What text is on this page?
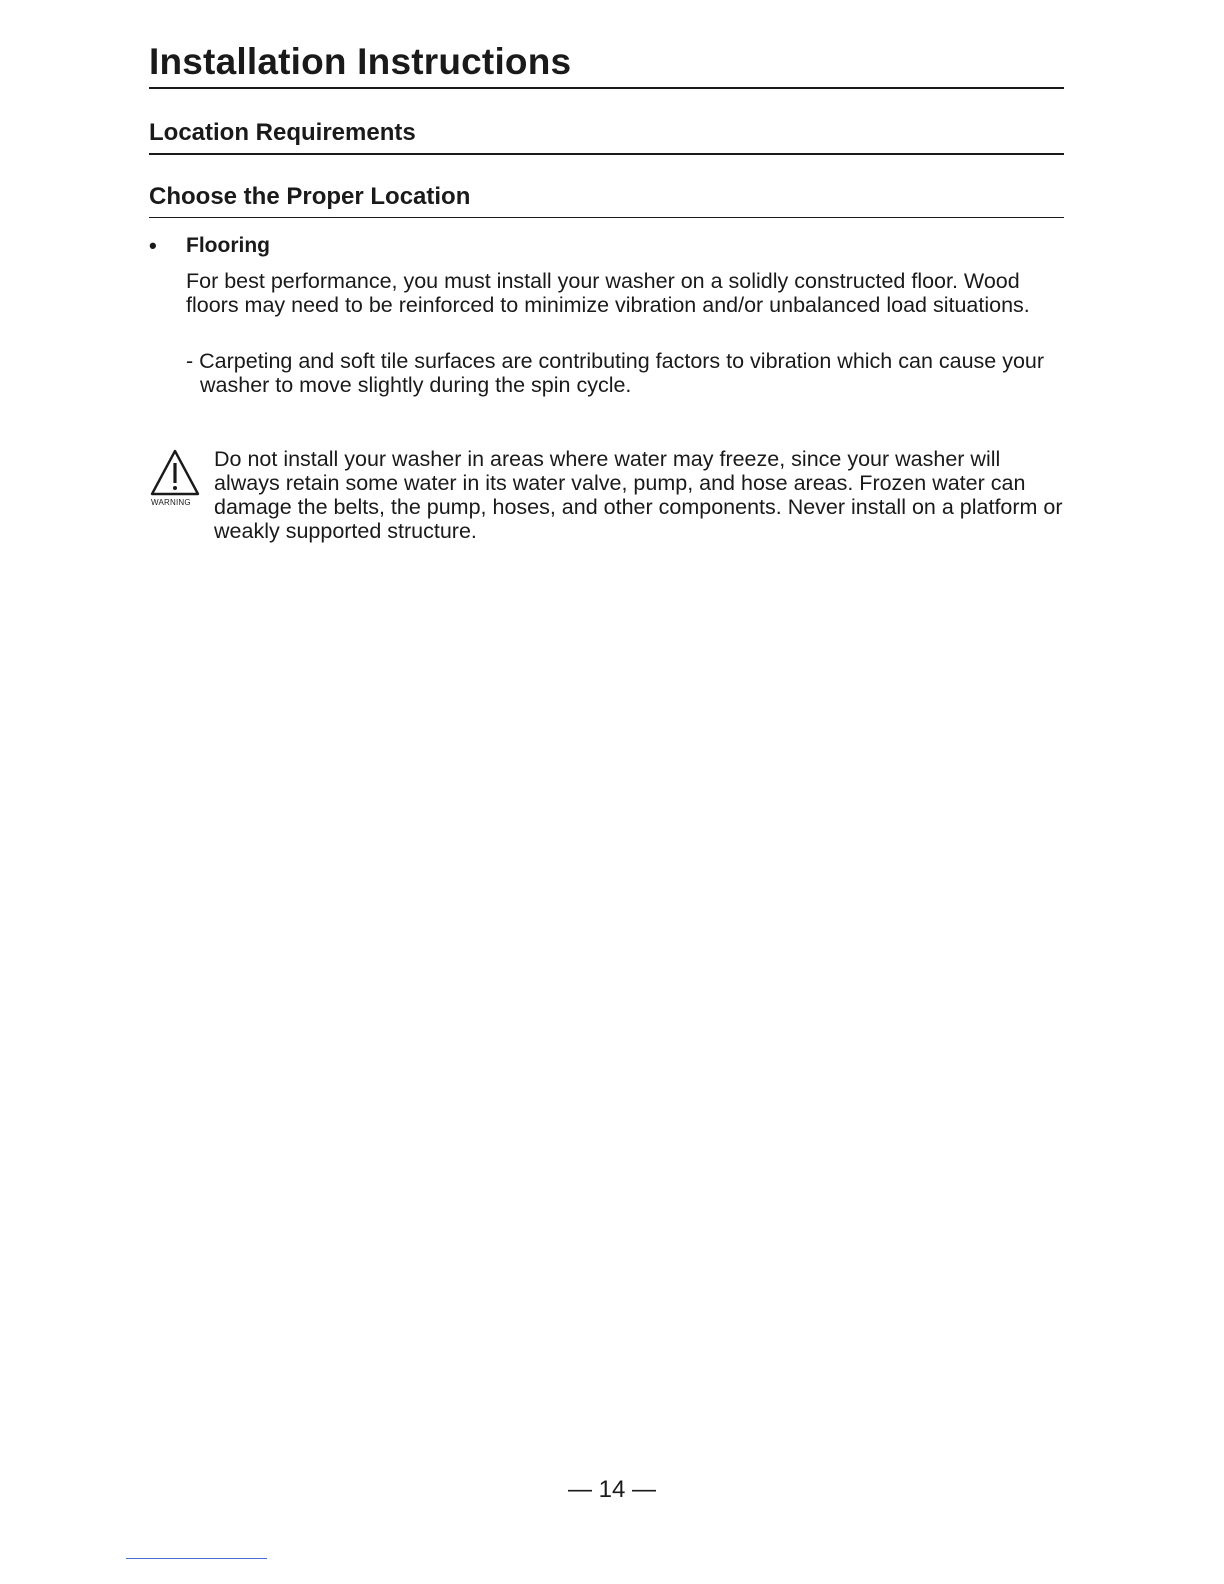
Installation Instructions
Location Requirements
Choose the Proper Location
• Flooring

For best performance, you must install your washer on a solidly constructed floor. Wood floors may need to be reinforced to minimize vibration and/or unbalanced load situations.

- Carpeting and soft tile surfaces are contributing factors to vibration which can cause your washer to move slightly during the spin cycle.

WARNING

Do not install your washer in areas where water may freeze, since your washer will always retain some water in its water valve, pump, and hose areas. Frozen water can damage the belts, the pump, hoses, and other components. Never install on a platform or weakly supported structure.

— 14 —
